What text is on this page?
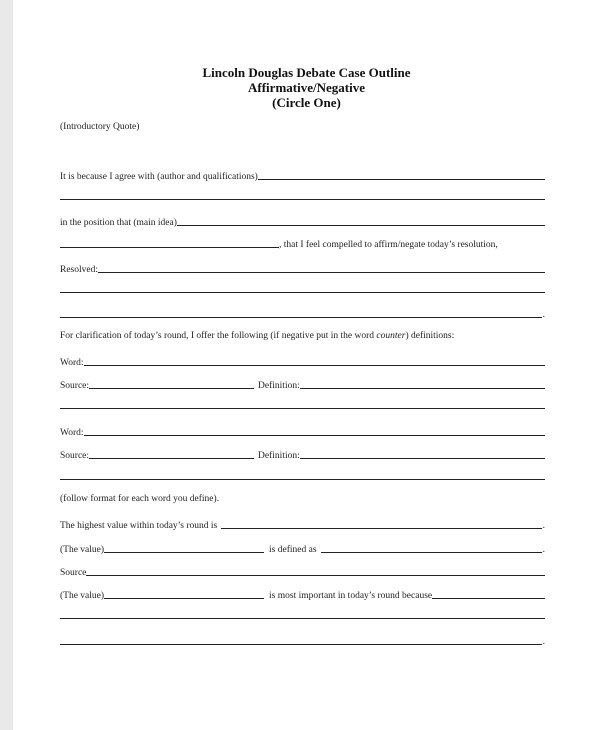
Lincoln Douglas Debate Case Outline
Affirmative/Negative
(Circle One)
(Introductory Quote)
It is because I agree with (author and qualifications)
in the position that (main idea)
, that I feel compelled to affirm/negate today’s resolution,
Resolved:
.
For clarification of today’s round, I offer the following (if negative put in the word counter) definitions:
Word:
Source:	Definition:
Word:
Source:	Definition:
(follow format for each word you define).
The highest value within today’s round is	.
(The value)	is defined as	.
Source
(The value)	is most important in today’s round because
.
